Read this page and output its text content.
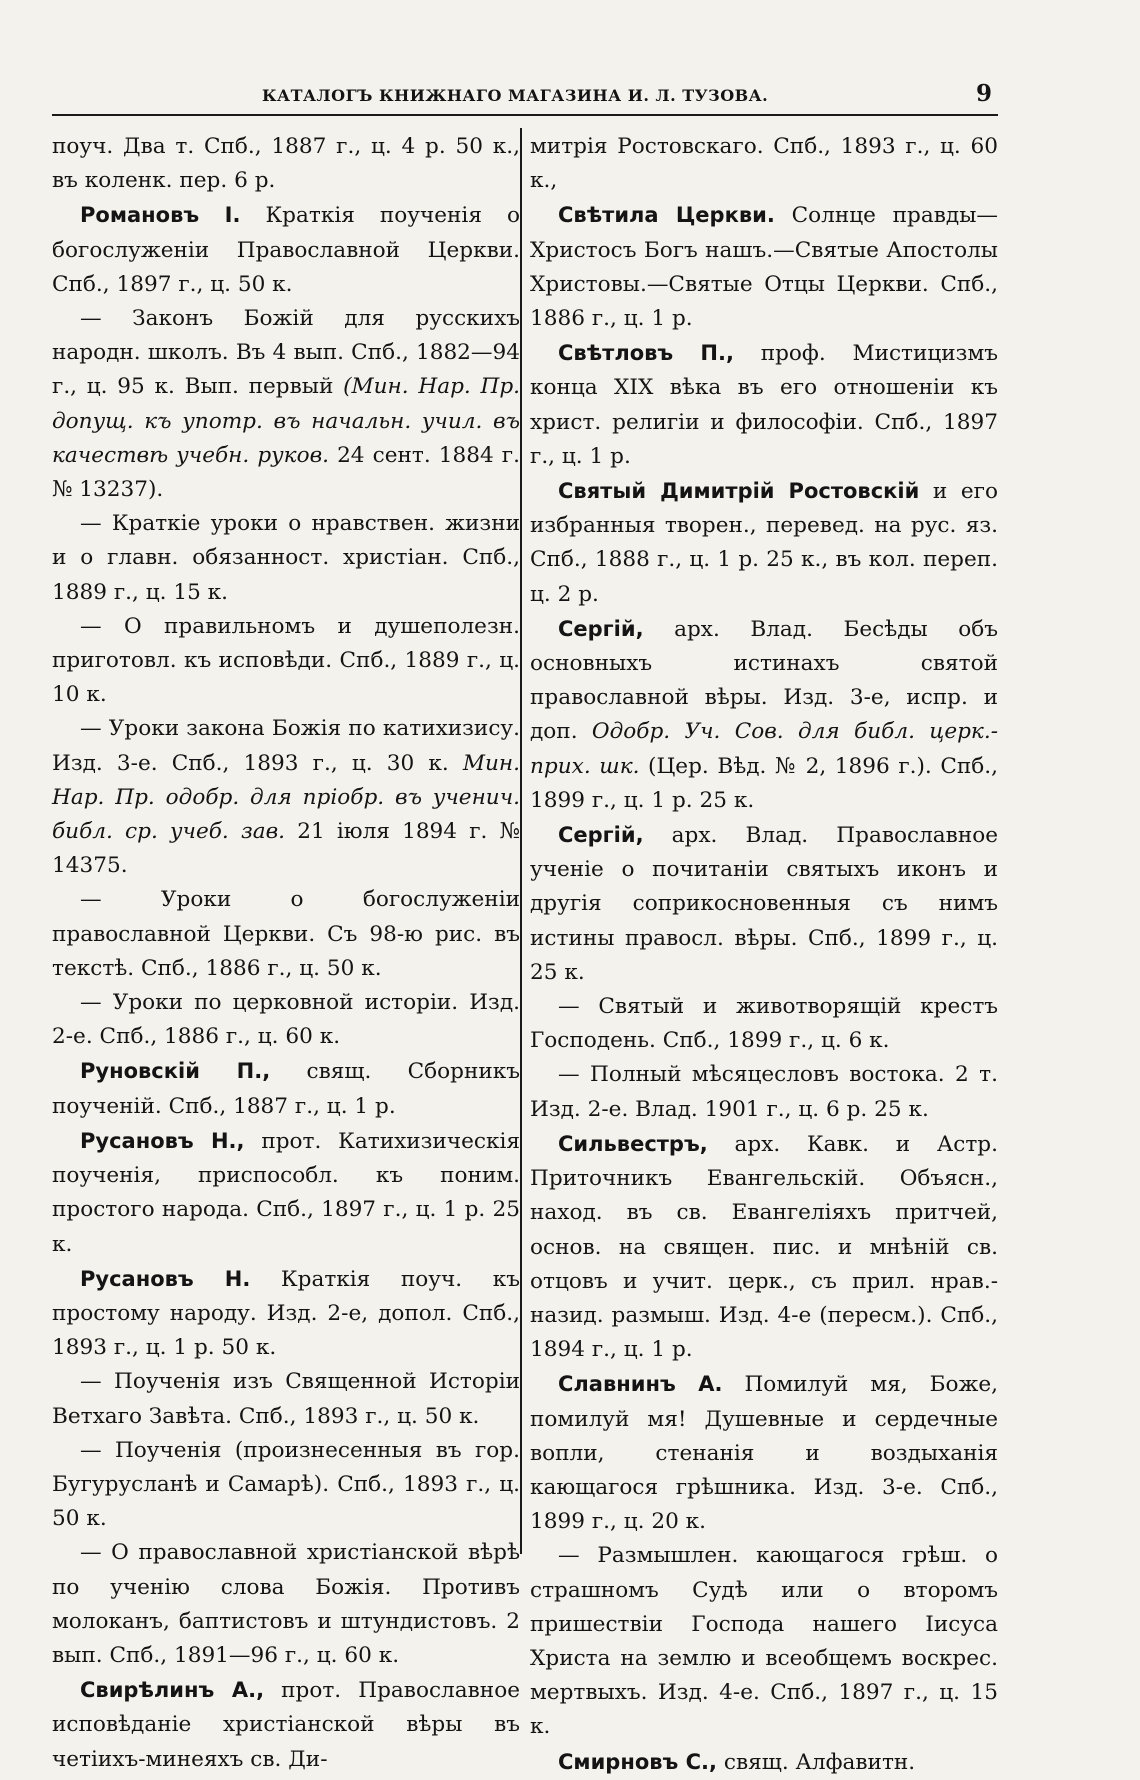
КАТАЛОГЪ КНИЖНАГО МАГАЗИНА И. Л. ТУЗОВА.	9

поуч. Два т. Спб., 1887 г., ц. 4 р. 50 к., въ коленк. пер. 6 р.

Романовъ I. Краткія поученія о богослуженіи Православной Церкви. Спб., 1897 г., ц. 50 к.

— Законъ Божій для русскихъ народн. школъ. Въ 4 вып. Спб., 1882—94 г., ц. 95 к. Вып. первый (Мин. Нар. Пр. допущ. къ употр. въ начальн. учил. въ качествѣ учебн. руков. 24 сент. 1884 г. № 13237).

— Краткіе уроки о нравствен. жизни и о главн. обязанност. христіан. Спб., 1889 г., ц. 15 к.

— О правильномъ и душеполезн. приготовл. къ исповѣди. Спб., 1889 г., ц. 10 к.

— Уроки закона Божія по катихизису. Изд. 3-е. Спб., 1893 г., ц. 30 к. Мин. Нар. Пр. одобр. для пріобр. въ ученич. библ. ср. учеб. зав. 21 іюля 1894 г. № 14375.

— Уроки о богослуженіи православной Церкви. Съ 98-ю рис. въ текстѣ. Спб., 1886 г., ц. 50 к.

— Уроки по церковной исторіи. Изд. 2-е. Спб., 1886 г., ц. 60 к.

Руновскій П., свящ. Сборникъ поученій. Спб., 1887 г., ц. 1 р.

Русановъ Н., прот. Катихизическія поученія, приспособл. къ поним. простого народа. Спб., 1897 г., ц. 1 р. 25 к.

Русановъ Н. Краткія поуч. къ простому народу. Изд. 2-е, допол. Спб., 1893 г., ц. 1 р. 50 к.

— Поученія изъ Священной Исторіи Ветхаго Завѣта. Спб., 1893 г., ц. 50 к.

— Поученія (произнесенныя въ гор. Бугурусланѣ и Самарѣ). Спб., 1893 г., ц. 50 к.

— О православной христіанской вѣрѣ по ученію слова Божія. Противъ молоканъ, баптистовъ и штундистовъ. 2 вып. Спб., 1891—96 г., ц. 60 к.

Свирѣлинъ А., прот. Православное исповѣданіе христіанской вѣры въ четіихъ-минеяхъ св. Ди-

митрія Ростовскаго. Спб., 1893 г., ц. 60 к.,

Свѣтила Церкви. Солнце правды—Христосъ Богъ нашъ.—Святые Апостолы Христовы.—Святые Отцы Церкви. Спб., 1886 г., ц. 1 р.

Свѣтловъ П., проф. Мистицизмъ конца XIX вѣка въ его отношеніи къ христ. религіи и философіи. Спб., 1897 г., ц. 1 р.

Святый Димитрій Ростовскій и его избранныя творен., перевед. на рус. яз. Спб., 1888 г., ц. 1 р. 25 к., въ кол. переп. ц. 2 р.

Сергій, арх. Влад. Бесѣды объ основныхъ истинахъ святой православной вѣры. Изд. 3-е, испр. и доп. Одобр. Уч. Сов. для библ. церк.-прих. шк. (Цер. Вѣд. № 2, 1896 г.). Спб., 1899 г., ц. 1 р. 25 к.

Сергій, арх. Влад. Православное ученіе о почитаніи святыхъ иконъ и другія соприкосновенныя съ нимъ истины правосл. вѣры. Спб., 1899 г., ц. 25 к.

— Святый и животворящій крестъ Господень. Спб., 1899 г., ц. 6 к.

— Полный мѣсяцесловъ востока. 2 т. Изд. 2-е. Влад. 1901 г., ц. 6 р. 25 к.

Сильвестръ, арх. Кавк. и Астр. Приточникъ Евангельскій. Объясн., наход. въ св. Евангеліяхъ притчей, основ. на священ. пис. и мнѣній св. отцовъ и учит. церк., съ прил. нрав.-назид. размыш. Изд. 4-е (пересм.). Спб., 1894 г., ц. 1 р.

Славнинъ А. Помилуй мя, Боже, помилуй мя! Душевные и сердечные вопли, стенанія и воздыханія кающагося грѣшника. Изд. 3-е. Спб., 1899 г., ц. 20 к.

— Размышлен. кающагося грѣш. о страшномъ Судѣ или о второмъ пришествіи Господа нашего Іисуса Христа на землю и всеобщемъ воскрес. мертвыхъ. Изд. 4-е. Спб., 1897 г., ц. 15 к.

Смирновъ С., свящ. Алфавитн.
